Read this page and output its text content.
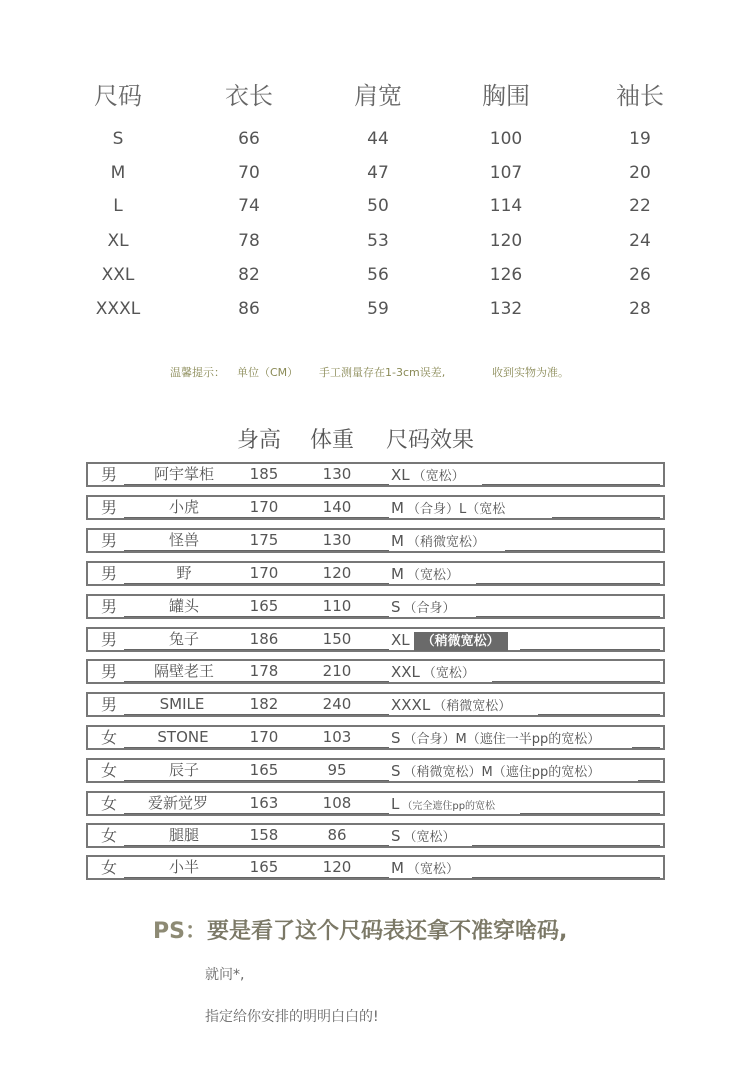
尺码	衣长	肩宽	胸围	袖长
S	66	44	100	19
M	70	47	107	20
L	74	50	114	22
XL	78	53	120	24
XXL	82	56	126	26
XXXL	86	59	132	28
温馨提示： 单位（CM） 手工测量存在1-3cm误差,	收到实物为准。
身高 体重 尺码效果
男	阿宇掌柜	185	130	XL （宽松）
男	小虎	170	140	M （合身）L（宽松
男	怪兽	175	130	M （稍微宽松）
男	野	170	120	M （宽松）
男	罐头	165	110	S （合身）
男	兔子	186	150	XL （稍微宽松）
男	隔壁老王	178	210	XXL （宽松）
男	SMILE	182	240	XXXL （稍微宽松）
女	STONE	170	103	S （合身）M（遮住一半pp的宽松）
女	辰子	165	95	S （稍微宽松）M（遮住pp的宽松）
女	爱新觉罗	163	108	L （完全遮住pp的宽松
女	腿腿	158	86	S （宽松）
女	小半	165	120	M （宽松）
PS：要是看了这个尺码表还拿不准穿啥码,
就问*,
指定给你安排的明明白白的!
